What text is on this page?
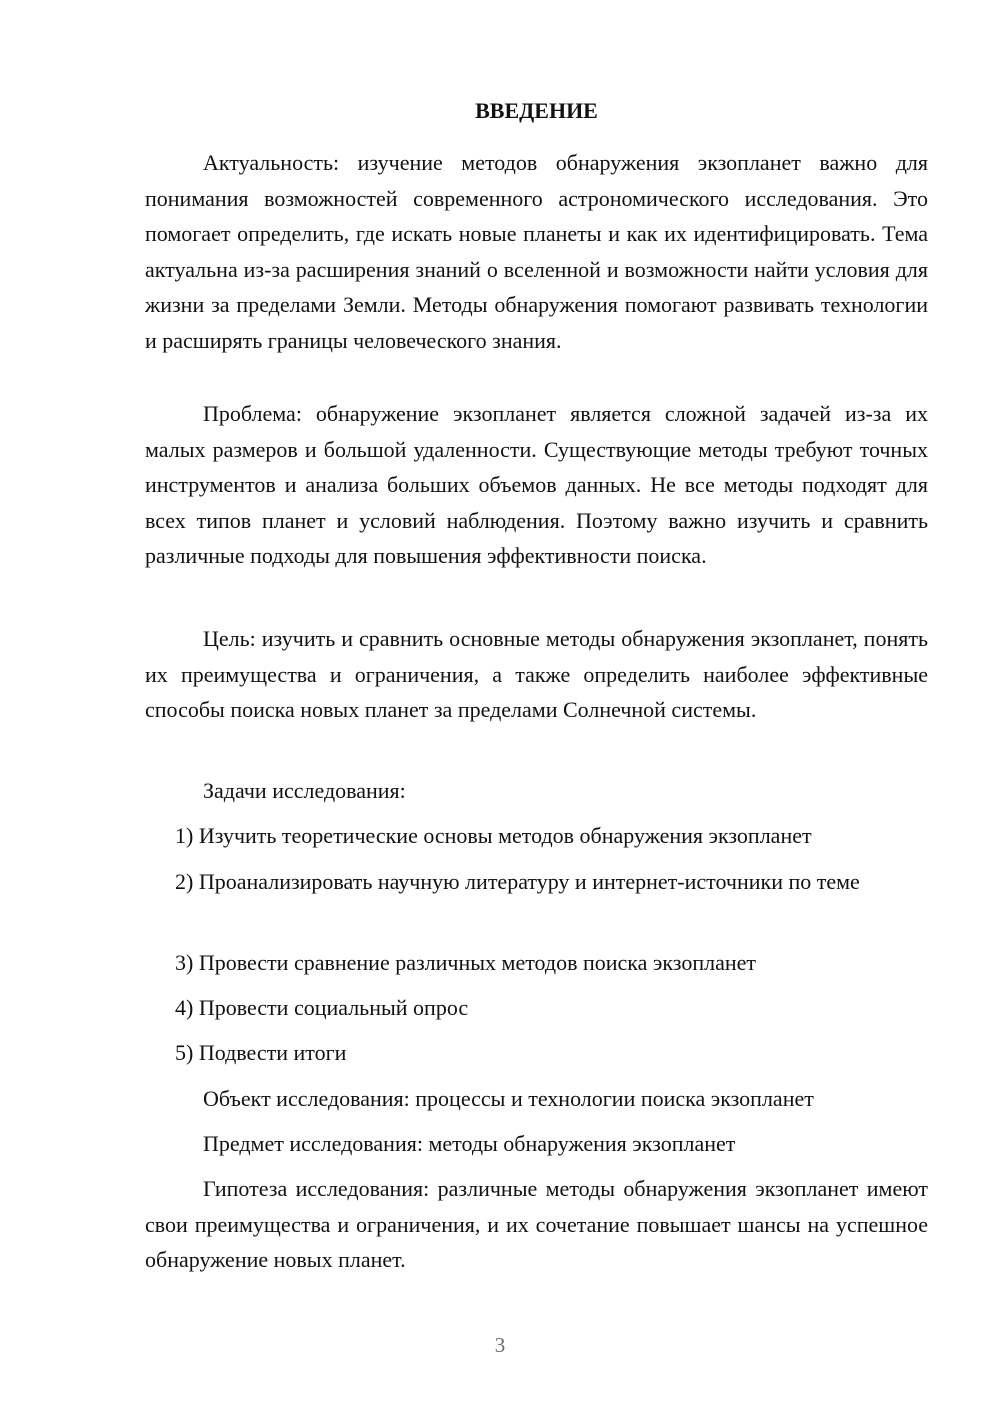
ВВЕДЕНИЕ

Актуальность: изучение методов обнаружения экзопланет важно для понимания возможностей современного астрономического исследования. Это помогает определить, где искать новые планеты и как их идентифицировать. Тема актуальна из-за расширения знаний о вселенной и возможности найти условия для жизни за пределами Земли. Методы обнаружения помогают развивать технологии и расширять границы человеческого знания.

Проблема: обнаружение экзопланет является сложной задачей из-за их малых размеров и большой удаленности. Существующие методы требуют точных инструментов и анализа больших объемов данных. Не все методы подходят для всех типов планет и условий наблюдения. Поэтому важно изучить и сравнить различные подходы для повышения эффективности поиска.

Цель: изучить и сравнить основные методы обнаружения экзопланет, понять их преимущества и ограничения, а также определить наиболее эффективные способы поиска новых планет за пределами Солнечной системы.

Задачи исследования:

1) Изучить теоретические основы методов обнаружения экзопланет

2) Проанализировать научную литературу и интернет-источники по теме

3) Провести сравнение различных методов поиска экзопланет

4) Провести социальный опрос

5) Подвести итоги

Объект исследования: процессы и технологии поиска экзопланет

Предмет исследования: методы обнаружения экзопланет

Гипотеза исследования: различные методы обнаружения экзопланет имеют свои преимущества и ограничения, и их сочетание повышает шансы на успешное обнаружение новых планет.

3
